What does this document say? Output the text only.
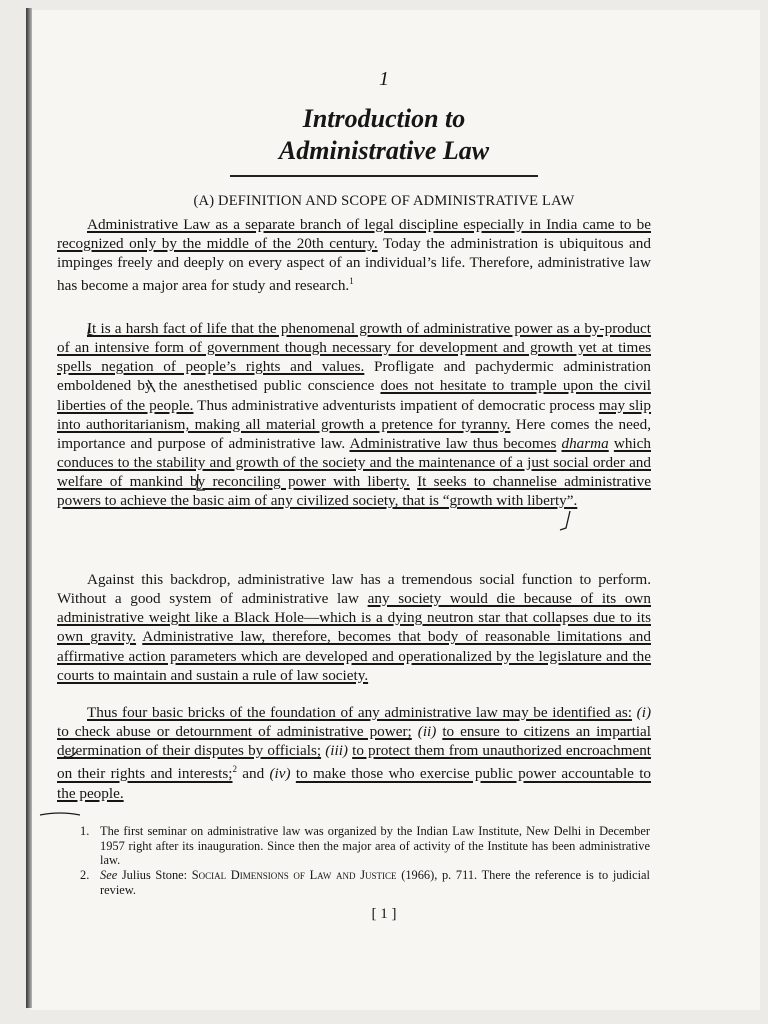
1
Introduction to
Administrative Law
(A) DEFINITION AND SCOPE OF ADMINISTRATIVE LAW

Administrative Law as a separate branch of legal discipline especially in India came to be recognized only by the middle of the 20th century. Today the administration is ubiquitous and impinges freely and deeply on every aspect of an individual’s life. Therefore, administrative law has become a major area for study and research.$^1$

It is a harsh fact of life that the phenomenal growth of administrative power as a by-product of an intensive form of government though necessary for development and growth yet at times spells negation of people’s rights and values. Profligate and pachydermic administration emboldened by the anesthetised public conscience does not hesitate to trample upon the civil liberties of the people. Thus administrative adventurists impatient of democratic process may slip into authoritarianism, making all material growth a pretence for tyranny. Here comes the need, importance and purpose of administrative law. Administrative law thus becomes dharma which conduces to the stability and growth of the society and the maintenance of a just social order and welfare of mankind by reconciling power with liberty. It seeks to channelise administrative powers to achieve the basic aim of any civilized society, that is “growth with liberty”.

Against this backdrop, administrative law has a tremendous social function to perform. Without a good system of administrative law any society would die because of its own administrative weight like a Black Hole—which is a dying neutron star that collapses due to its own gravity. Administrative law, therefore, becomes that body of reasonable limitations and affirmative action parameters which are developed and operationalized by the legislature and the courts to maintain and sustain a rule of law society.

Thus four basic bricks of the foundation of any administrative law may be identified as: (i) to check abuse or detournment of administrative power; (ii) to ensure to citizens an impartial determination of their disputes by officials; (iii) to protect them from unauthorized encroachment on their rights and interests;$^2$ and (iv) to make those who exercise public power accountable to the people.

1. The first seminar on administrative law was organized by the Indian Law Institute, New Delhi in December 1957 right after its inauguration. Since then the major area of activity of the Institute has been administrative law.
2. See Julius Stone: Social Dimensions of Law and Justice (1966), p. 711. There the reference is to judicial review.
[ 1 ]
